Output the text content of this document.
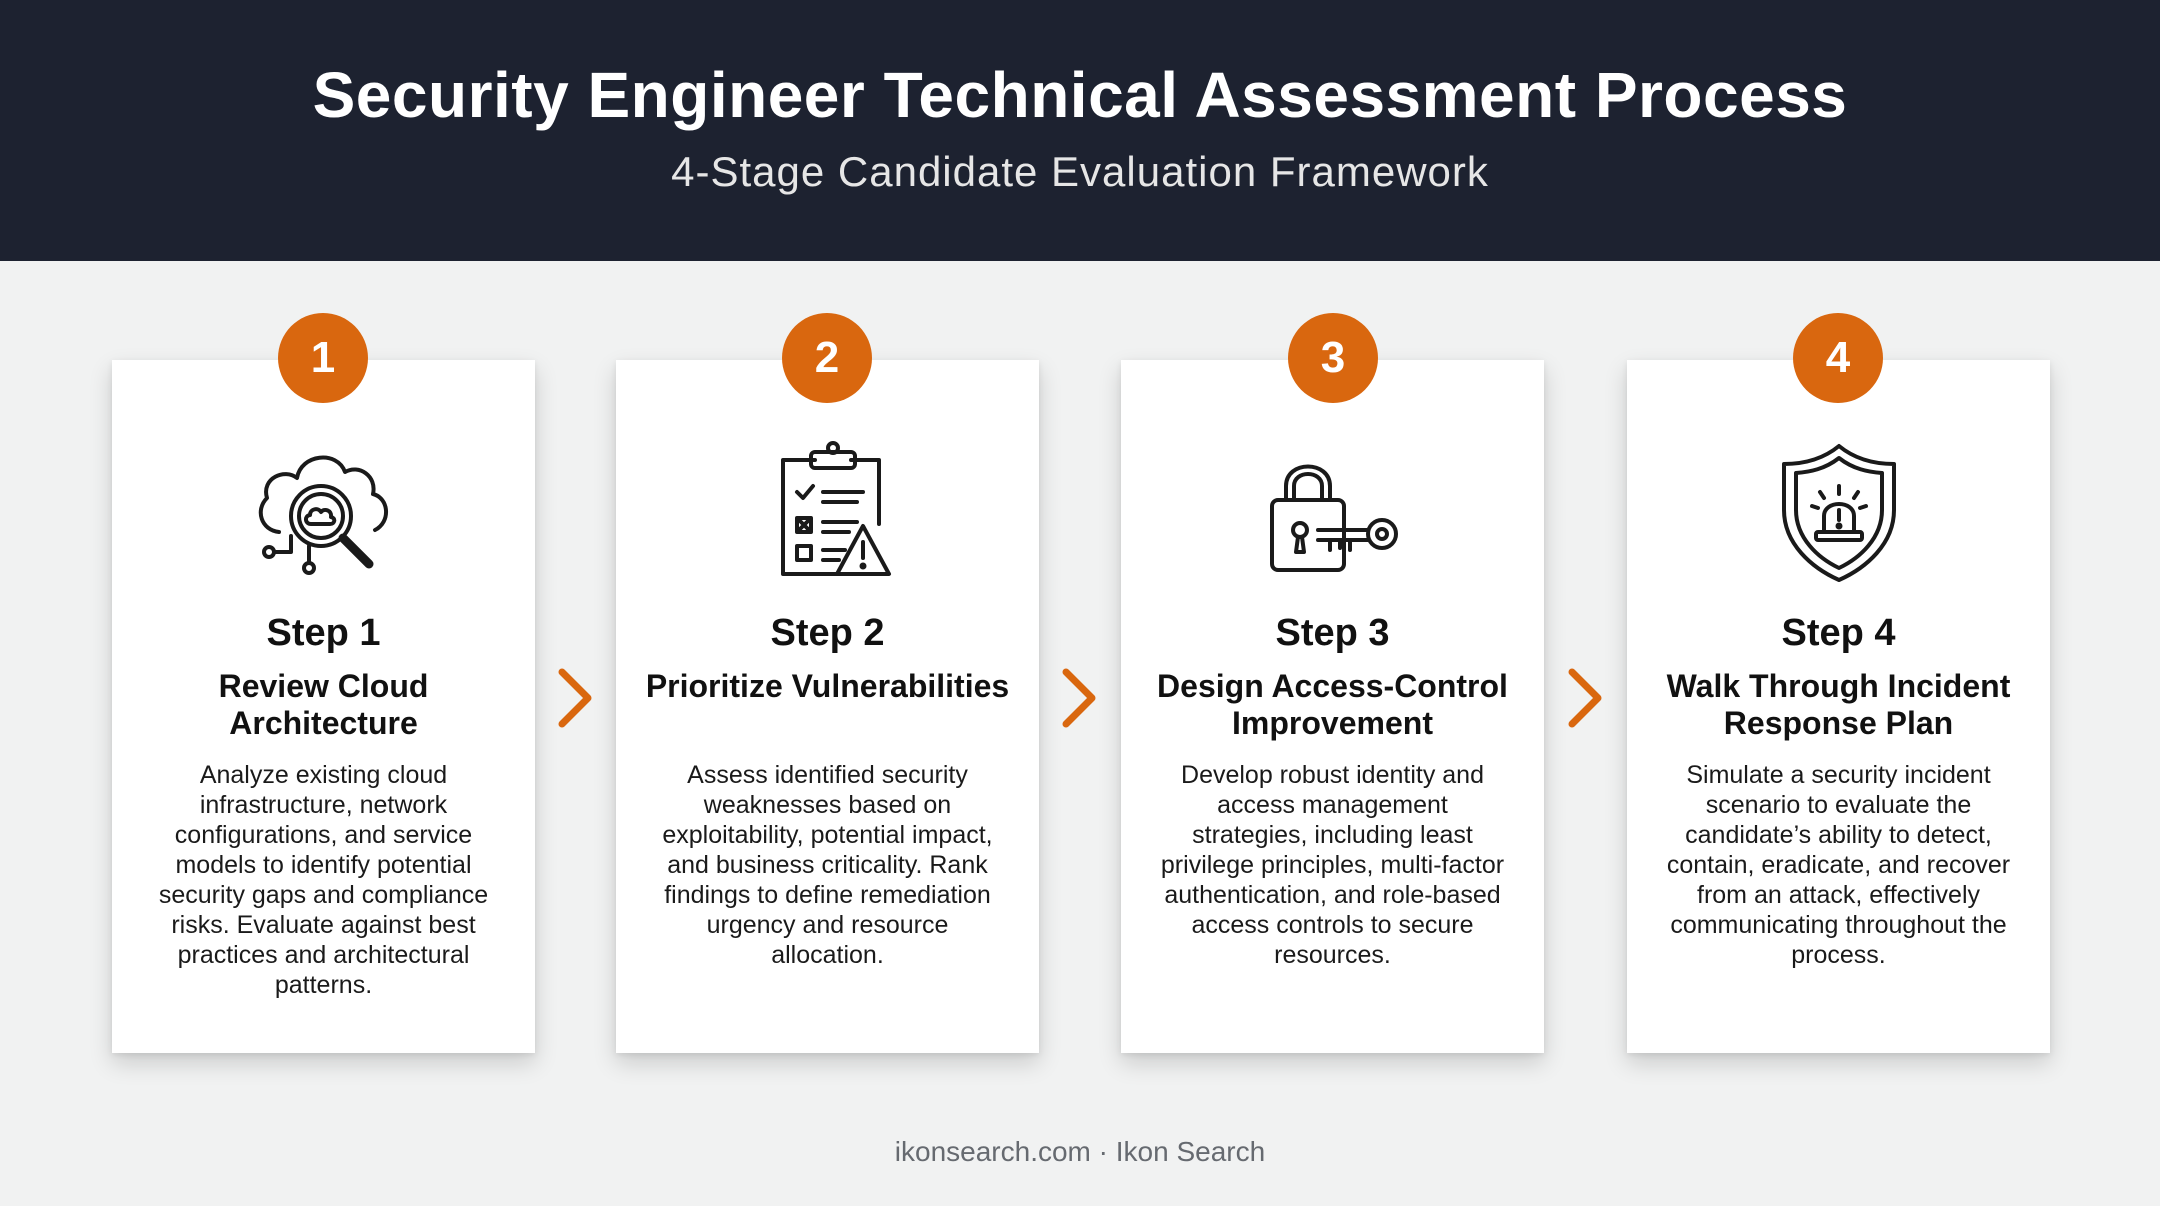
Security Engineer Technical Assessment Process
4-Stage Candidate Evaluation Framework
1
Step 1
Review Cloud Architecture
Analyze existing cloud infrastructure, network configurations, and service models to identify potential security gaps and compliance risks. Evaluate against best practices and architectural patterns.
2
Step 2
Prioritize Vulnerabilities
Assess identified security weaknesses based on exploitability, potential impact, and business criticality. Rank findings to define remediation urgency and resource allocation.
3
Step 3
Design Access-Control Improvement
Develop robust identity and access management strategies, including least privilege principles, multi-factor authentication, and role-based access controls to secure resources.
4
Step 4
Walk Through Incident Response Plan
Simulate a security incident scenario to evaluate the candidate’s ability to detect, contain, eradicate, and recover from an attack, effectively communicating throughout the process.
ikonsearch.com · Ikon Search
